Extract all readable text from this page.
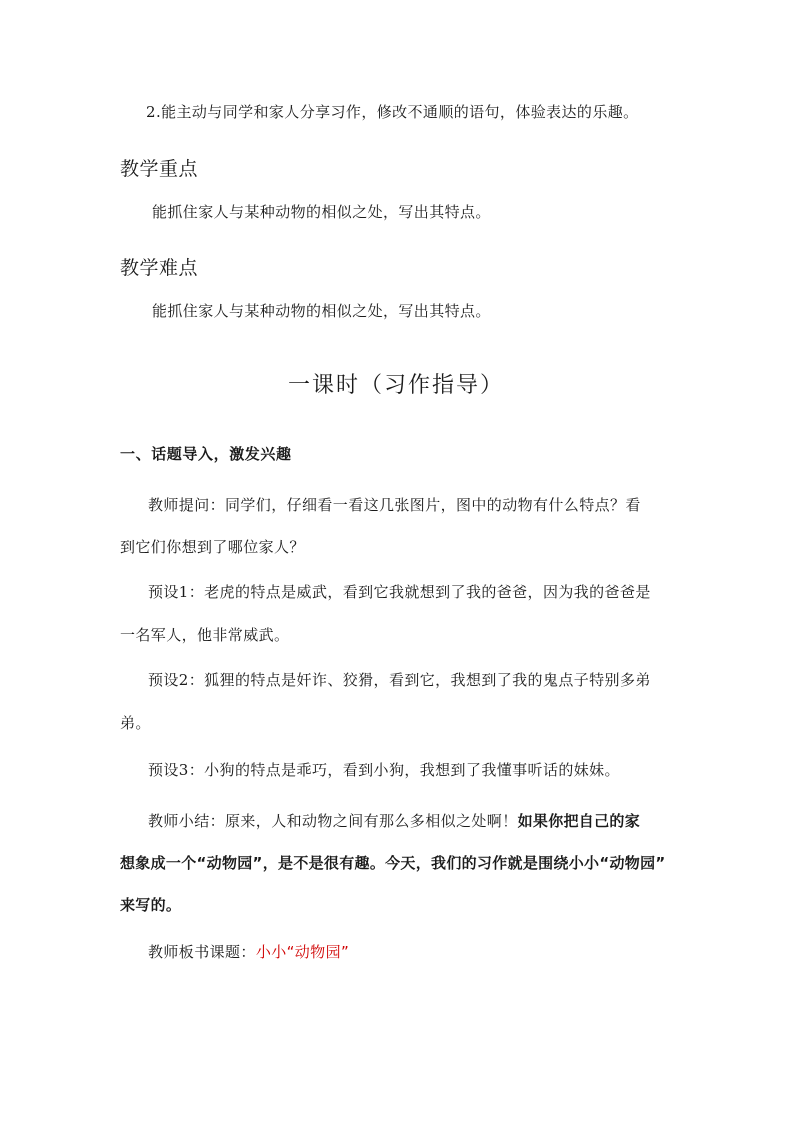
2.能主动与同学和家人分享习作，修改不通顺的语句，体验表达的乐趣。

教学重点

能抓住家人与某种动物的相似之处，写出其特点。

教学难点

能抓住家人与某种动物的相似之处，写出其特点。

一课时（习作指导）
一、话题导入，激发兴趣

教师提问：同学们，仔细看一看这几张图片，图中的动物有什么特点？看

到它们你想到了哪位家人？

预设1：老虎的特点是威武，看到它我就想到了我的爸爸，因为我的爸爸是

一名军人，他非常威武。

预设2：狐狸的特点是奸诈、狡猾，看到它，我想到了我的鬼点子特别多弟

弟。

预设3：小狗的特点是乖巧，看到小狗，我想到了我懂事听话的妹妹。

教师小结：原来，人和动物之间有那么多相似之处啊！如果你把自己的家

想象成一个“动物园”，是不是很有趣。今天，我们的习作就是围绕小小“动物园”

来写的。

教师板书课题：小小“动物园”
